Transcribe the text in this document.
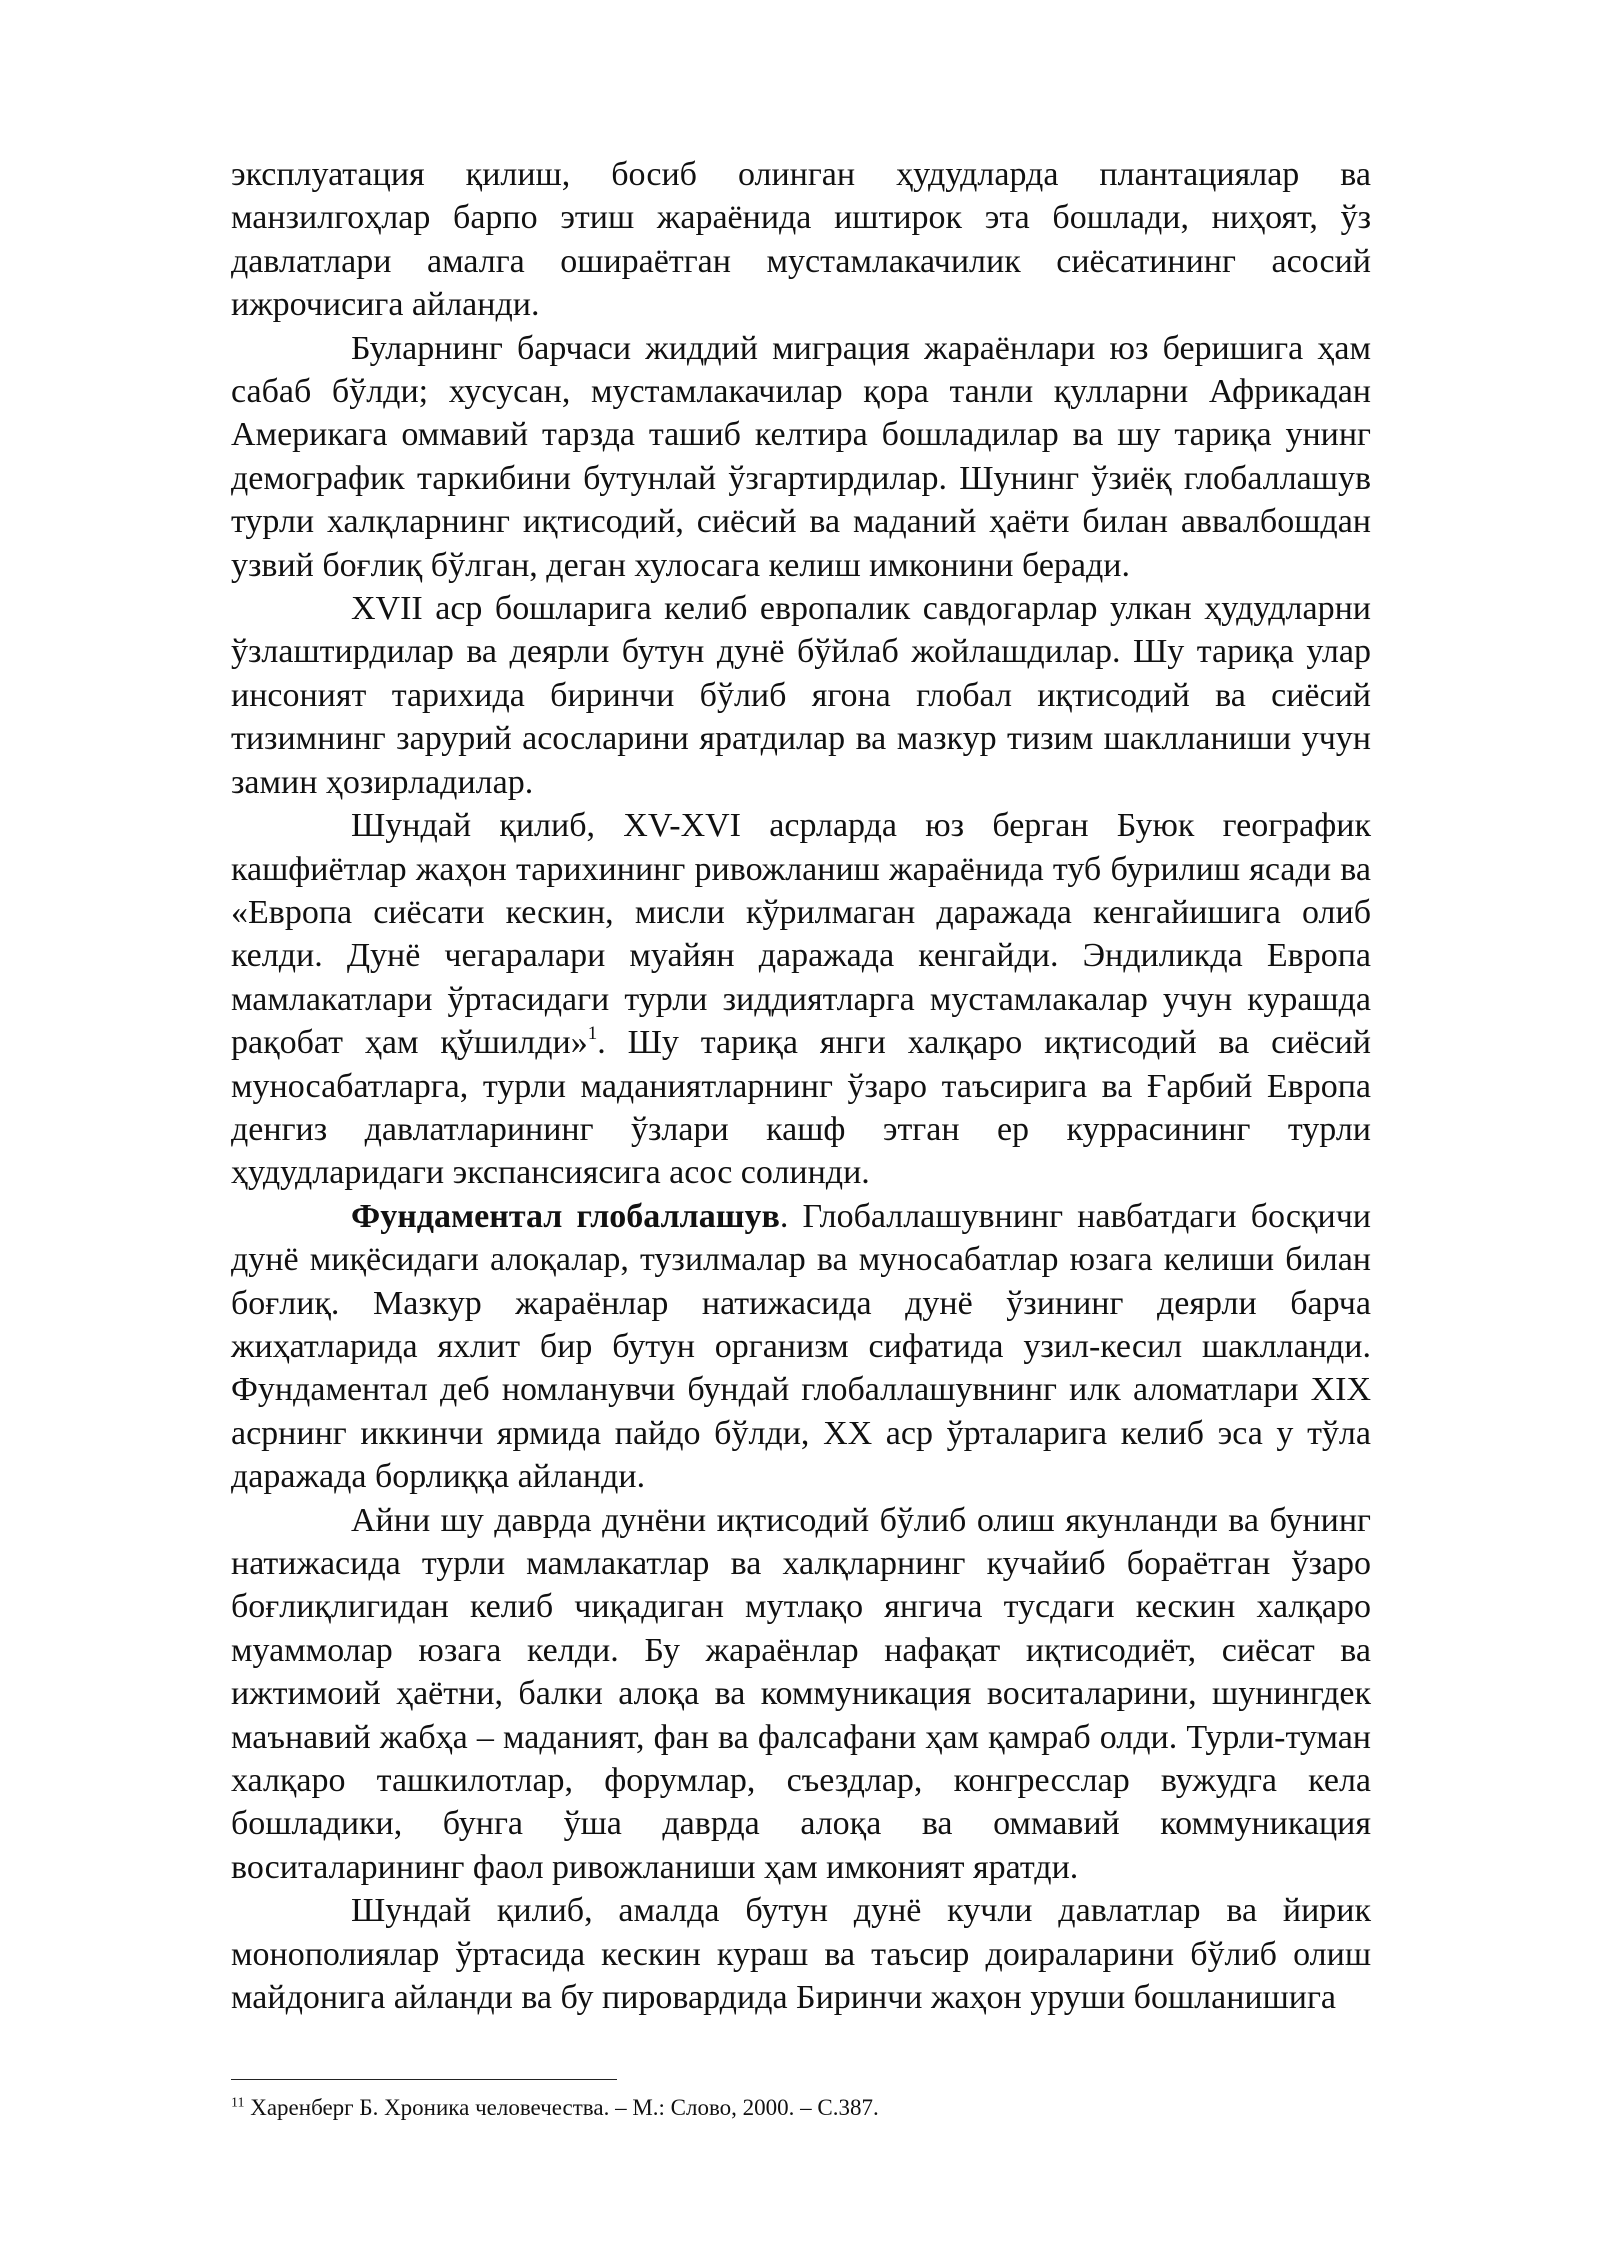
эксплуатация қилиш, босиб олинган ҳудудларда плантациялар ва манзилгоҳлар барпо этиш жараёнида иштирок эта бошлади, ниҳоят, ўз давлатлари амалга ошираётган мустамлакачилик сиёсатининг асосий ижрочисига айланди.

Буларнинг барчаси жиддий миграция жараёнлари юз беришига ҳам сабаб бўлди; хусусан, мустамлакачилар қора танли қулларни Африкадан Америкага оммавий тарзда ташиб келтира бошладилар ва шу тариқа унинг демографик таркибини бутунлай ўзгартирдилар. Шунинг ўзиёқ глобаллашув турли халқларнинг иқтисодий, сиёсий ва маданий ҳаёти билан аввалбошдан узвий боғлиқ бўлган, деган хулосага келиш имконини беради.

XVII аср бошларига келиб европалик савдогарлар улкан ҳудудларни ўзлаштирдилар ва деярли бутун дунё бўйлаб жойлашдилар. Шу тариқа улар инсоният тарихида биринчи бўлиб ягона глобал иқтисодий ва сиёсий тизимнинг зарурий асосларини яратдилар ва мазкур тизим шаклланиши учун замин ҳозирладилар.

Шундай қилиб, XV-XVI асрларда юз берган Буюк географик кашфиётлар жаҳон тарихининг ривожланиш жараёнида туб бурилиш ясади ва «Европа сиёсати кескин, мисли кўрилмаган даражада кенгайишига олиб келди. Дунё чегаралари муайян даражада кенгайди. Эндиликда Европа мамлакатлари ўртасидаги турли зиддиятларга мустамлакалар учун курашда рақобат ҳам қўшилди»$^1$. Шу тариқа янги халқаро иқтисодий ва сиёсий муносабатларга, турли маданиятларнинг ўзаро таъсирига ва Ғарбий Европа денгиз давлатларининг ўзлари кашф этган ер куррасининг турли ҳудудларидаги экспансиясига асос солинди.

Фундаментал глобаллашув. Глобаллашувнинг навбатдаги босқичи дунё миқёсидаги алоқалар, тузилмалар ва муносабатлар юзага келиши билан боғлиқ. Мазкур жараёнлар натижасида дунё ўзининг деярли барча жиҳатларида яхлит бир бутун организм сифатида узил-кесил шаклланди. Фундаментал деб номланувчи бундай глобаллашувнинг илк аломатлари XIX асрнинг иккинчи ярмида пайдо бўлди, XX аср ўрталарига келиб эса у тўла даражада борлиққа айланди.

Айни шу даврда дунёни иқтисодий бўлиб олиш якунланди ва бунинг натижасида турли мамлакатлар ва халқларнинг кучайиб бораётган ўзаро боғлиқлигидан келиб чиқадиган мутлақо янгича тусдаги кескин халқаро муаммолар юзага келди. Бу жараёнлар нафақат иқтисодиёт, сиёсат ва ижтимоий ҳаётни, балки алоқа ва коммуникация воситаларини, шунингдек маънавий жабҳа – маданият, фан ва фалсафани ҳам қамраб олди. Турли-туман халқаро ташкилотлар, форумлар, съездлар, конгресслар вужудга кела бошладики, бунга ўша даврда алоқа ва оммавий коммуникация воситаларининг фаол ривожланиши ҳам имконият яратди.

Шундай қилиб, амалда бутун дунё кучли давлатлар ва йирик монополиялар ўртасида кескин кураш ва таъсир доираларини бўлиб олиш майдонига айланди ва бу пировардида Биринчи жаҳон уруши бошланишига

$^{11}$ Харенберг Б. Хроника человечества. – М.: Слово, 2000. – С.387.
